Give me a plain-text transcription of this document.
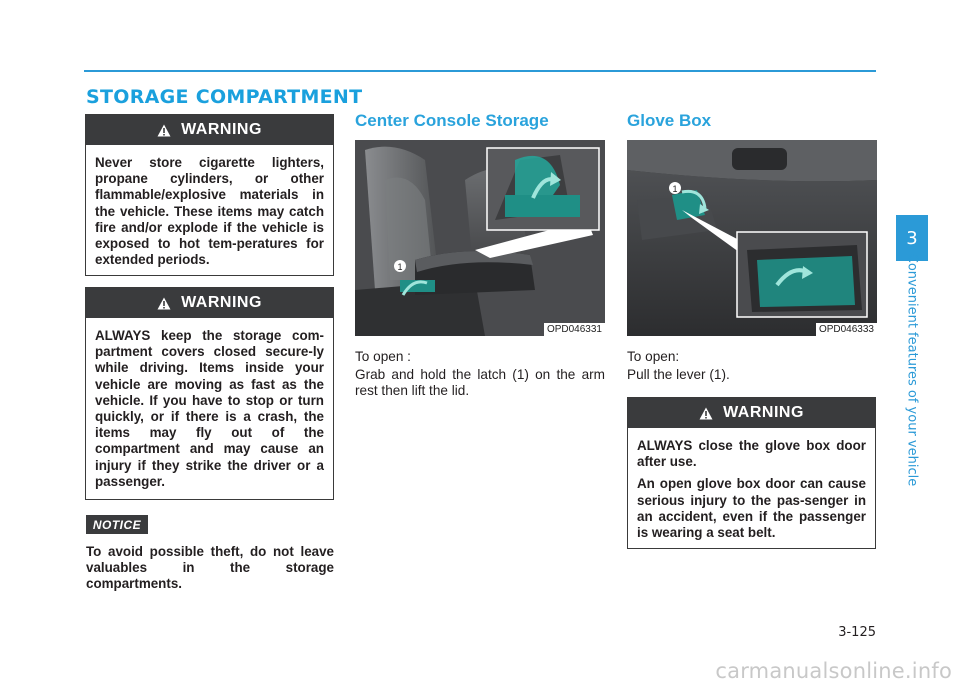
STORAGE COMPARTMENT
WARNING

Never store cigarette lighters, propane cylinders, or other flammable/explosive materials in the vehicle. These items may catch fire and/or explode if the vehicle is exposed to hot tem-peratures for extended periods.

WARNING

ALWAYS keep the storage com-partment covers closed secure-ly while driving. Items inside your vehicle are moving as fast as the vehicle. If you have to stop or turn quickly, or if there is a crash, the items may fly out of the compartment and may cause an injury if they strike the driver or a passenger.

NOTICE

To avoid possible theft, do not leave valuables in the storage compartments.

Center Console Storage
1
OPD046331

To open :

Grab and hold the latch (1) on the arm rest then lift the lid.

Glove Box
1
OPD046333

To open:

Pull the lever (1).

WARNING

ALWAYS close the glove box door after use.

An open glove box door can cause serious injury to the pas-senger in an accident, even if the passenger is wearing a seat belt.

3
Convenient features of your vehicle
3-125
carmanualsonline.info
